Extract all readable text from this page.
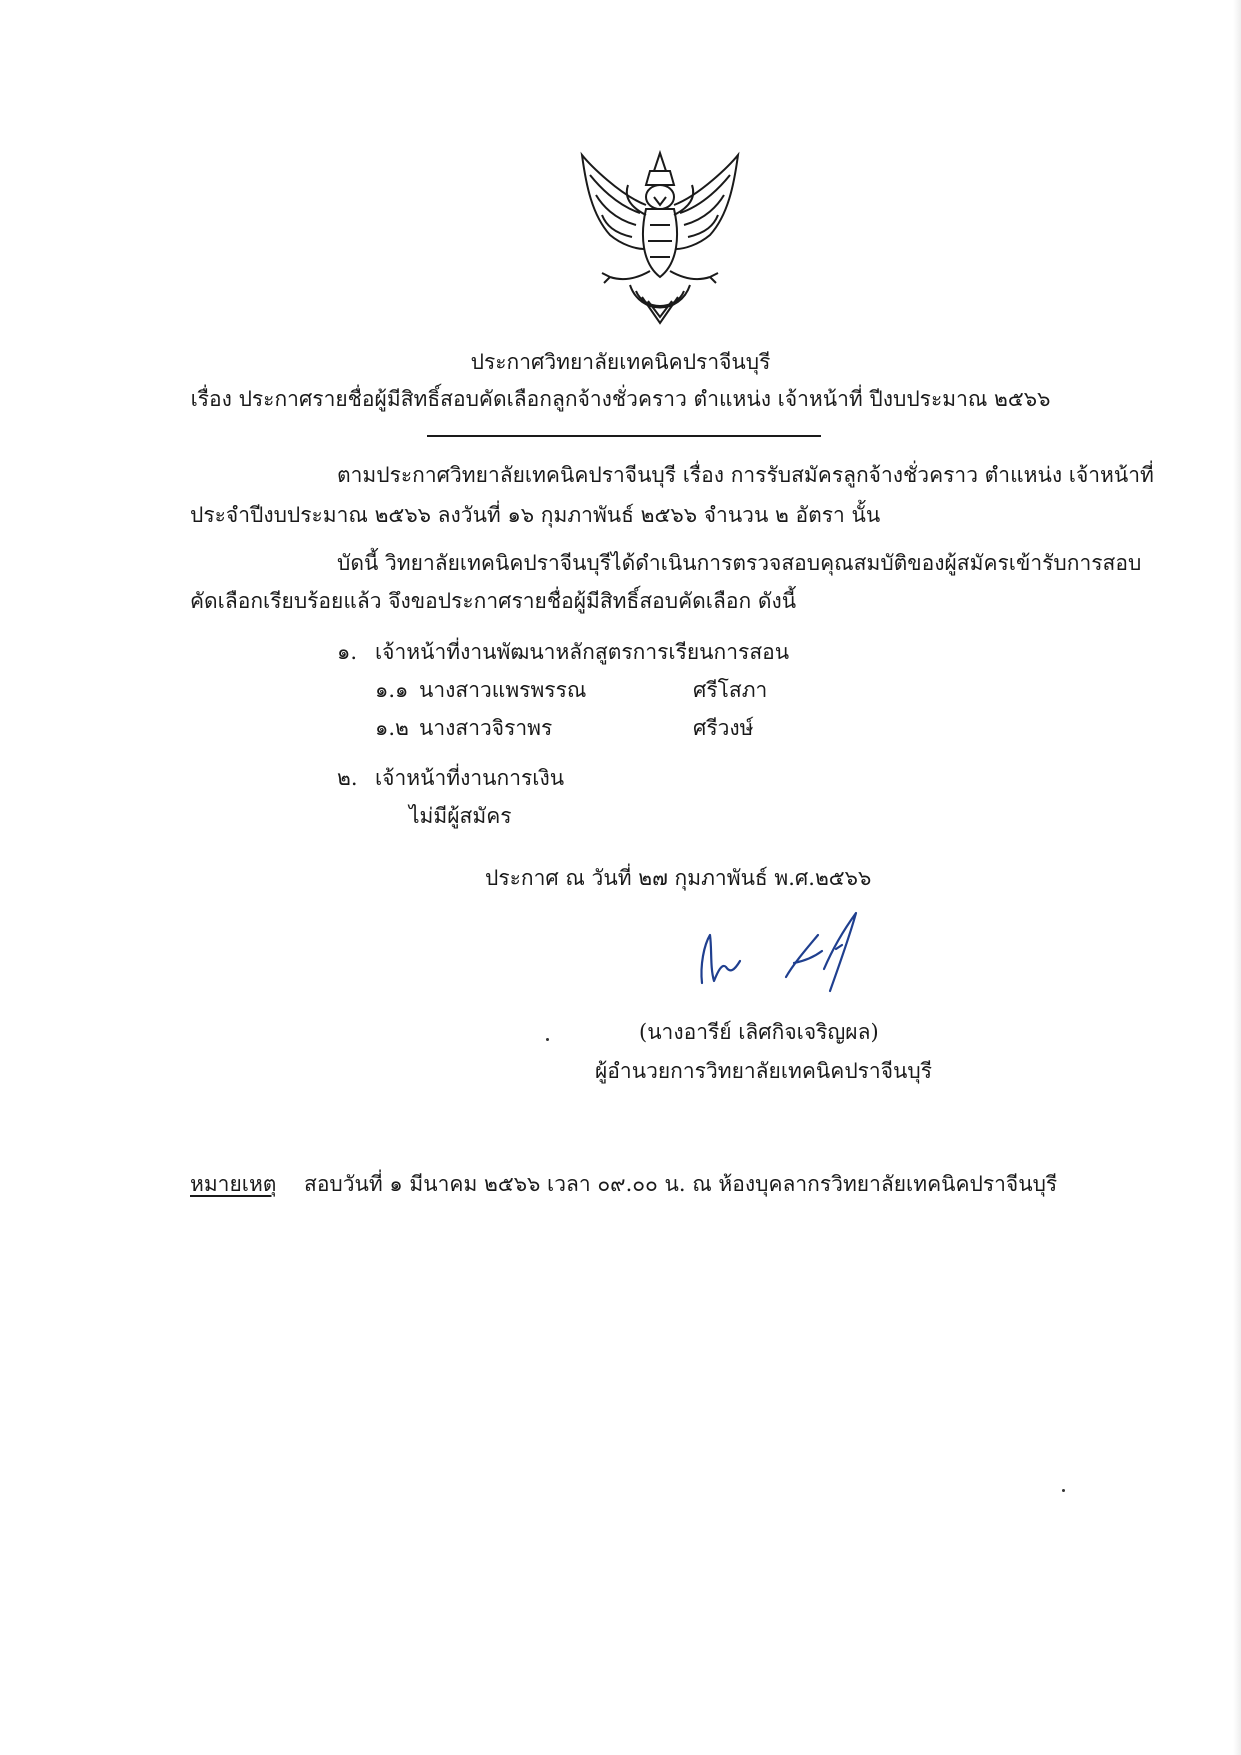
ประกาศวิทยาลัยเทคนิคปราจีนบุรี
เรื่อง ประกาศรายชื่อผู้มีสิทธิ์สอบคัดเลือกลูกจ้างชั่วคราว ตำแหน่ง เจ้าหน้าที่ ปีงบประมาณ ๒๕๖๖
ตามประกาศวิทยาลัยเทคนิคปราจีนบุรี เรื่อง การรับสมัครลูกจ้างชั่วคราว ตำแหน่ง เจ้าหน้าที่
ประจำปีงบประมาณ ๒๕๖๖ ลงวันที่ ๑๖ กุมภาพันธ์ ๒๕๖๖ จำนวน ๒ อัตรา นั้น
บัดนี้ วิทยาลัยเทคนิคปราจีนบุรีได้ดำเนินการตรวจสอบคุณสมบัติของผู้สมัครเข้ารับการสอบ
คัดเลือกเรียบร้อยแล้ว จึงขอประกาศรายชื่อผู้มีสิทธิ์สอบคัดเลือก ดังนี้
๑. เจ้าหน้าที่งานพัฒนาหลักสูตรการเรียนการสอน
๑.๑ นางสาวแพรพรรณ	ศรีโสภา
๑.๒ นางสาวจิราพร	ศรีวงษ์
๒. เจ้าหน้าที่งานการเงิน
ไม่มีผู้สมัคร
ประกาศ ณ วันที่ ๒๗ กุมภาพันธ์ พ.ศ.๒๕๖๖
(นางอารีย์ เลิศกิจเจริญผล)
ผู้อำนวยการวิทยาลัยเทคนิคปราจีนบุรี
หมายเหตุ สอบวันที่ ๑ มีนาคม ๒๕๖๖ เวลา ๐๙.๐๐ น. ณ ห้องบุคลากรวิทยาลัยเทคนิคปราจีนบุรี
